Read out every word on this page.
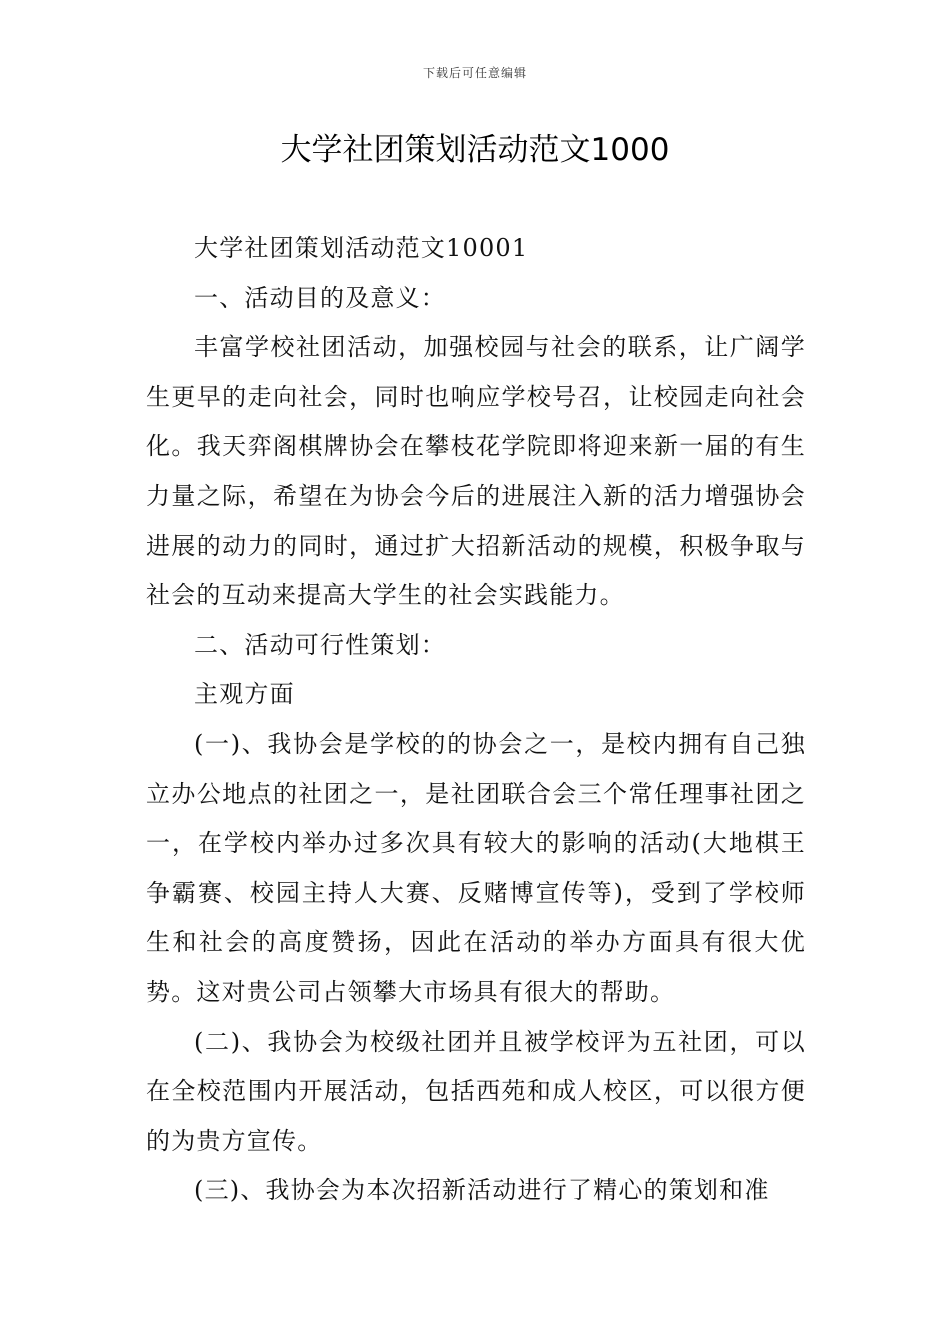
下载后可任意编辑
大学社团策划活动范文1000

大学社团策划活动范文10001

一、活动目的及意义：

丰富学校社团活动，加强校园与社会的联系，让广阔学生更早的走向社会，同时也响应学校号召，让校园走向社会化。我天弈阁棋牌协会在攀枝花学院即将迎来新一届的有生力量之际，希望在为协会今后的进展注入新的活力增强协会进展的动力的同时，通过扩大招新活动的规模，积极争取与社会的互动来提高大学生的社会实践能力。

二、活动可行性策划：

主观方面

(一)、我协会是学校的的协会之一，是校内拥有自己独立办公地点的社团之一，是社团联合会三个常任理事社团之一，在学校内举办过多次具有较大的影响的活动(大地棋王争霸赛、校园主持人大赛、反赌博宣传等)，受到了学校师生和社会的高度赞扬，因此在活动的举办方面具有很大优势。这对贵公司占领攀大市场具有很大的帮助。

(二)、我协会为校级社团并且被学校评为五社团，可以在全校范围内开展活动，包括西苑和成人校区，可以很方便的为贵方宣传。

(三)、我协会为本次招新活动进行了精心的策划和准
